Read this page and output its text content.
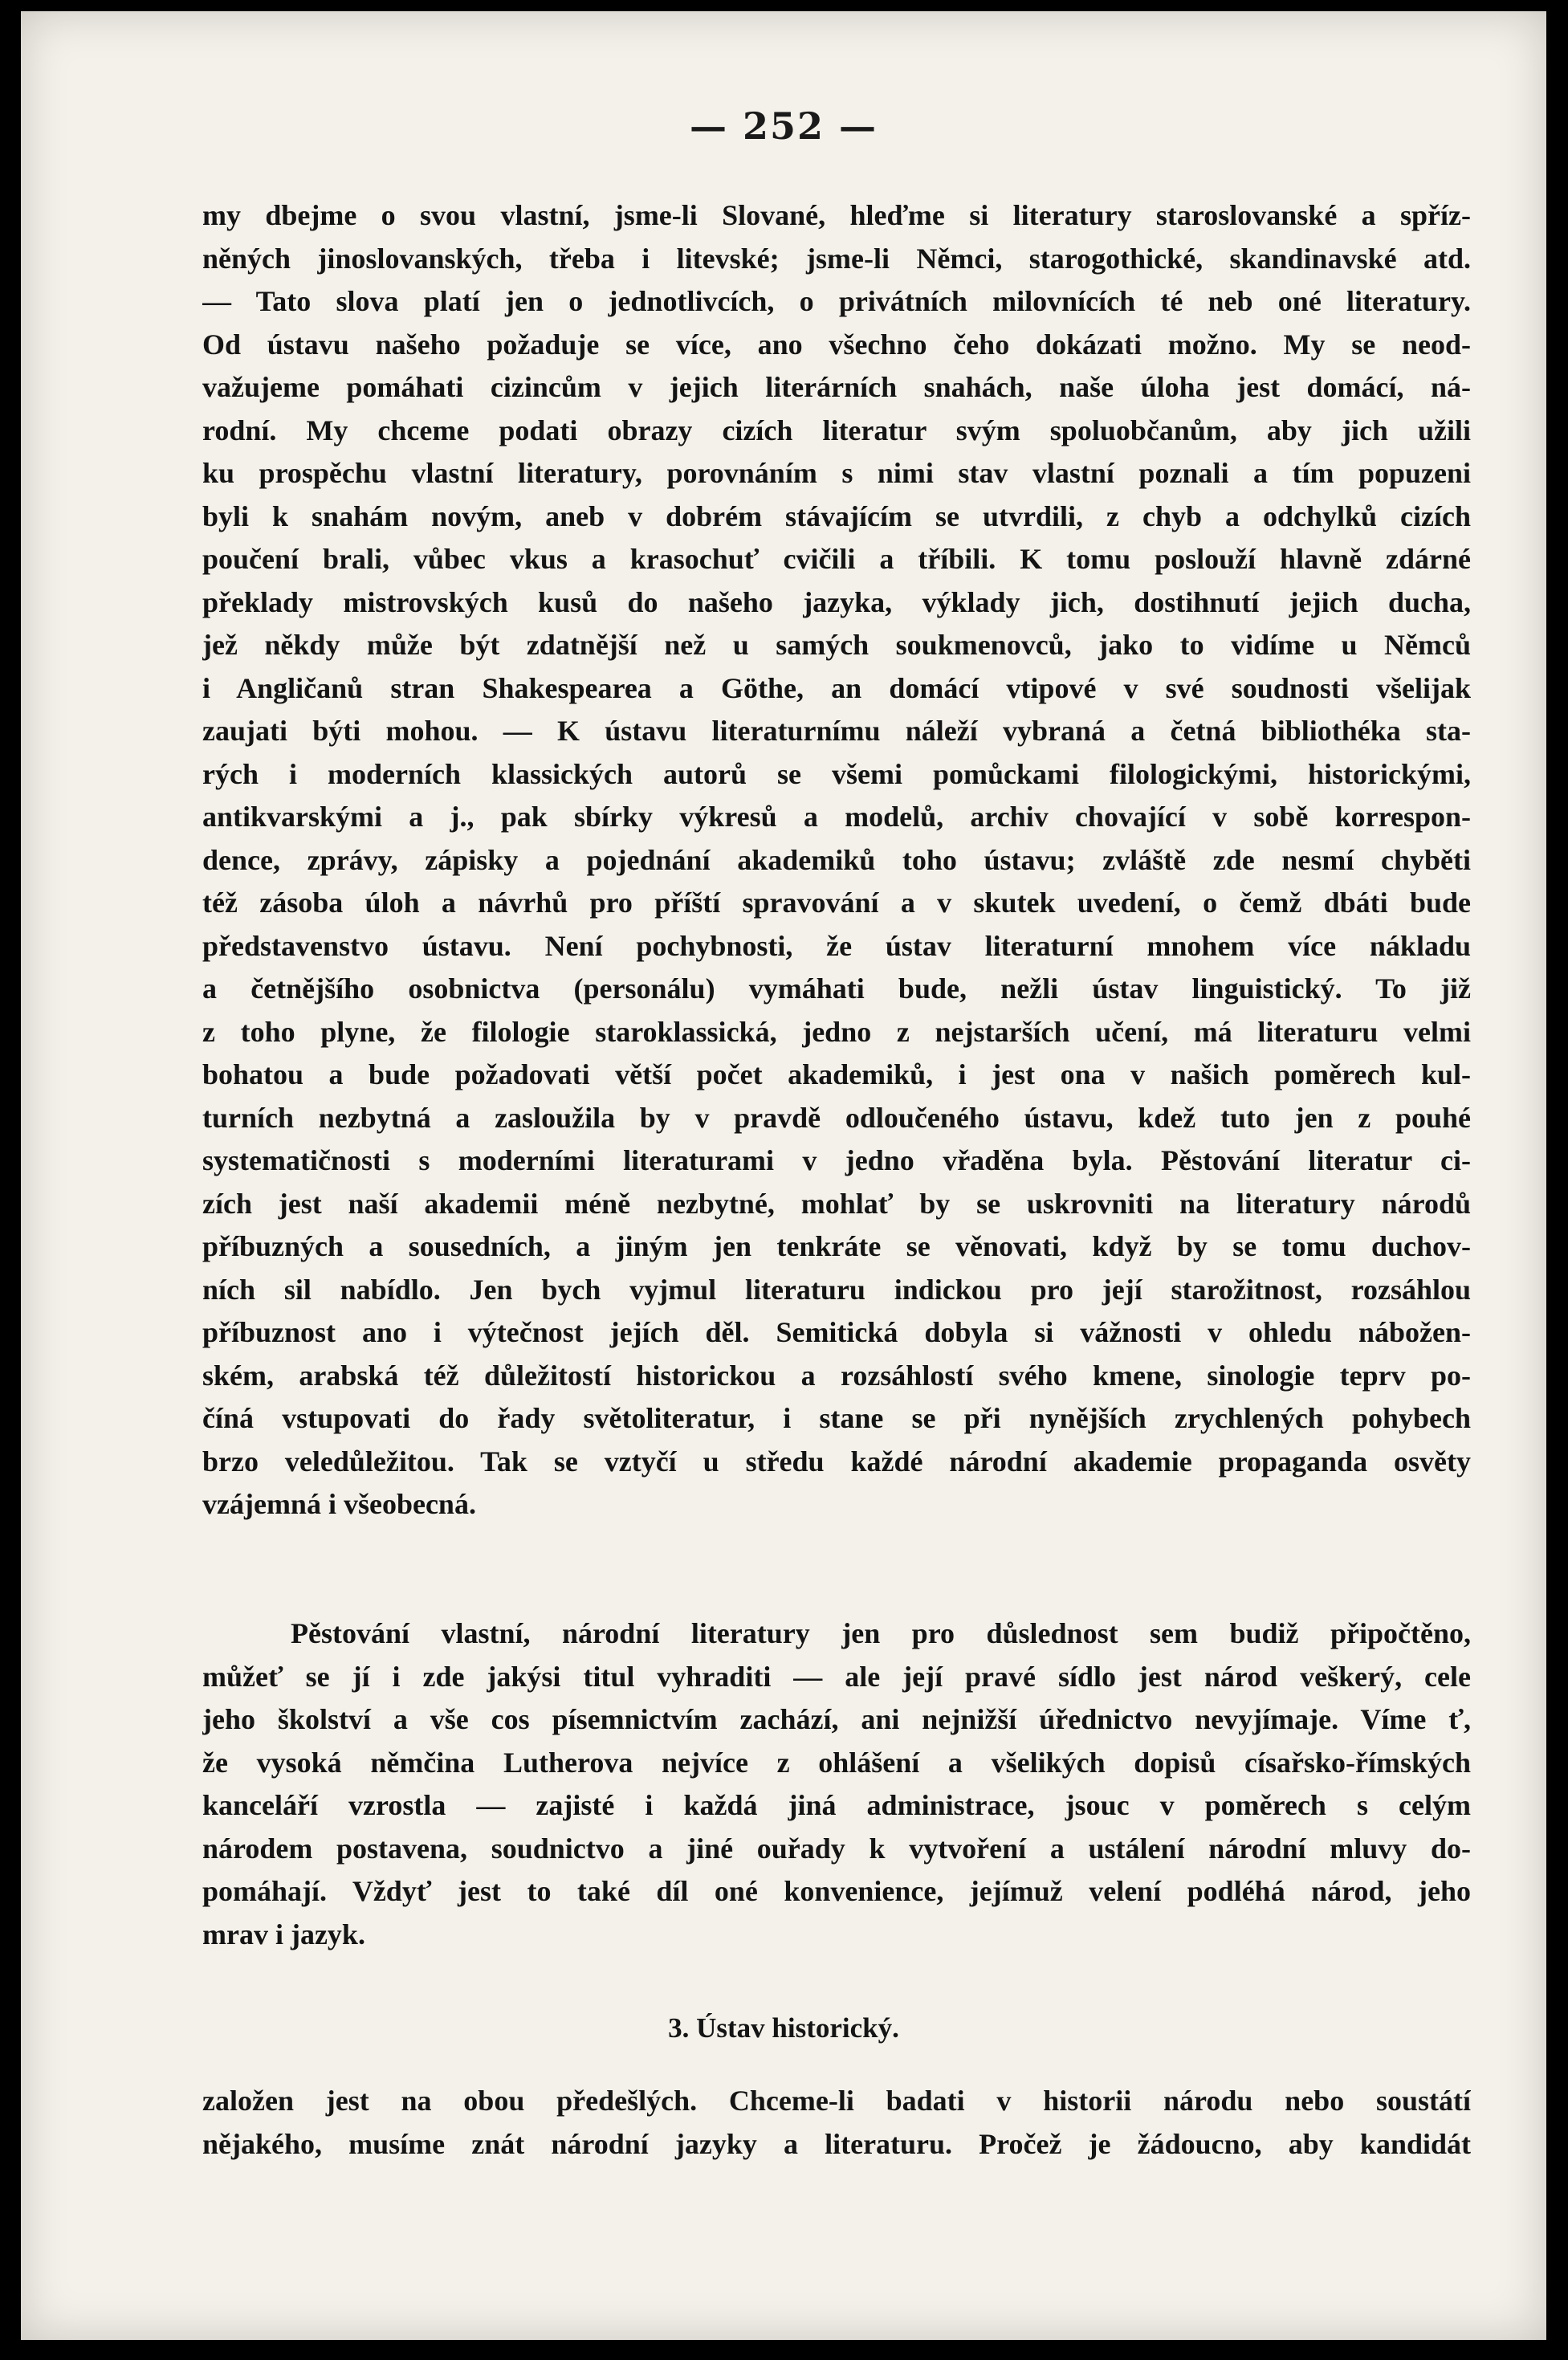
— 252 —
my dbejme o svou vlastní, jsme-li Slované, hleďme si literatury staroslovanské a spříz-
něných jinoslovanských, třeba i litevské; jsme-li Němci, starogothické, skandinavské atd.
— Tato slova platí jen o jednotlivcích, o privátních milovnících té neb oné literatury.
Od ústavu našeho požaduje se více, ano všechno čeho dokázati možno. My se neod-
važujeme pomáhati cizincům v jejich literárních snahách, naše úloha jest domácí, ná-
rodní. My chceme podati obrazy cizích literatur svým spoluobčanům, aby jich užili
ku prospěchu vlastní literatury, porovnáním s nimi stav vlastní poznali a tím popuzeni
byli k snahám novým, aneb v dobrém stávajícím se utvrdili, z chyb a odchylků cizích
poučení brali, vůbec vkus a krasochuť cvičili a tříbili. K tomu poslouží hlavně zdárné
překlady mistrovských kusů do našeho jazyka, výklady jich, dostihnutí jejich ducha,
jež někdy může být zdatnější než u samých soukmenovců, jako to vidíme u Němců
i Angličanů stran Shakespearea a Göthe, an domácí vtipové v své soudnosti všelijak
zaujati býti mohou. — K ústavu literaturnímu náleží vybraná a četná bibliothéka sta-
rých i moderních klassických autorů se všemi pomůckami filologickými, historickými,
antikvarskými a j., pak sbírky výkresů a modelů, archiv chovající v sobě korrespon-
dence, zprávy, zápisky a pojednání akademiků toho ústavu; zvláště zde nesmí chyběti
též zásoba úloh a návrhů pro příští spravování a v skutek uvedení, o čemž dbáti bude
představenstvo ústavu. Není pochybnosti, že ústav literaturní mnohem více nákladu
a četnějšího osobnictva (personálu) vymáhati bude, nežli ústav linguistický. To již
z toho plyne, že filologie staroklassická, jedno z nejstarších učení, má literaturu velmi
bohatou a bude požadovati větší počet akademiků, i jest ona v našich poměrech kul-
turních nezbytná a zasloužila by v pravdě odloučeného ústavu, kdež tuto jen z pouhé
systematičnosti s moderními literaturami v jedno vřaděna byla. Pěstování literatur ci-
zích jest naší akademii méně nezbytné, mohlať by se uskrovniti na literatury národů
příbuzných a sousedních, a jiným jen tenkráte se věnovati, když by se tomu duchov-
ních sil nabídlo. Jen bych vyjmul literaturu indickou pro její starožitnost, rozsáhlou
příbuznost ano i výtečnost jejích děl. Semitická dobyla si vážnosti v ohledu nábožen-
ském, arabská též důležitostí historickou a rozsáhlostí svého kmene, sinologie teprv po-
číná vstupovati do řady světoliteratur, i stane se při nynějších zrychlených pohybech
brzo veledůležitou. Tak se vztyčí u středu každé národní akademie propaganda osvěty
vzájemná i všeobecná.
Pěstování vlastní, národní literatury jen pro důslednost sem budiž připočtěno,
můžeť se jí i zde jakýsi titul vyhraditi — ale její pravé sídlo jest národ veškerý, cele
jeho školství a vše cos písemnictvím zachází, ani nejnižší úřednictvo nevyjímaje. Víme ť,
že vysoká němčina Lutherova nejvíce z ohlášení a všelikých dopisů císařsko-římských
kanceláří vzrostla — zajisté i každá jiná administrace, jsouc v poměrech s celým
národem postavena, soudnictvo a jiné ouřady k vytvoření a ustálení národní mluvy do-
pomáhají. Vždyť jest to také díl oné konvenience, jejímuž velení podléhá národ, jeho
mrav i jazyk.
3. Ústav historický.
založen jest na obou předešlých. Chceme-li badati v historii národu nebo soustátí
nějakého, musíme znát národní jazyky a literaturu. Pročež je žádoucno, aby kandidát
